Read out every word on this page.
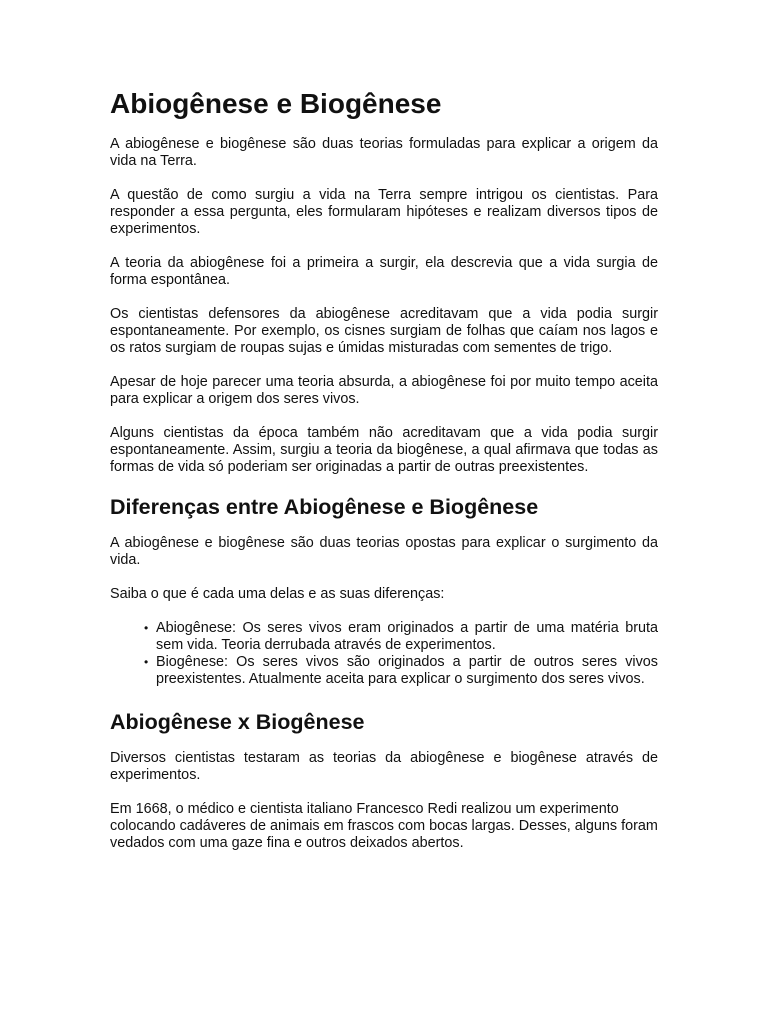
Abiogênese e Biogênese

A abiogênese e biogênese são duas teorias formuladas para explicar a origem da vida na Terra.

A questão de como surgiu a vida na Terra sempre intrigou os cientistas. Para responder a essa pergunta, eles formularam hipóteses e realizam diversos tipos de experimentos.

A teoria da abiogênese foi a primeira a surgir, ela descrevia que a vida surgia de forma espontânea.

Os cientistas defensores da abiogênese acreditavam que a vida podia surgir espontaneamente. Por exemplo, os cisnes surgiam de folhas que caíam nos lagos e os ratos surgiam de roupas sujas e úmidas misturadas com sementes de trigo.

Apesar de hoje parecer uma teoria absurda, a abiogênese foi por muito tempo aceita para explicar a origem dos seres vivos.

Alguns cientistas da época também não acreditavam que a vida podia surgir espontaneamente. Assim, surgiu a teoria da biogênese, a qual afirmava que todas as formas de vida só poderiam ser originadas a partir de outras preexistentes.

Diferenças entre Abiogênese e Biogênese

A abiogênese e biogênese são duas teorias opostas para explicar o surgimento da vida.

Saiba o que é cada uma delas e as suas diferenças:

• Abiogênese: Os seres vivos eram originados a partir de uma matéria bruta sem vida. Teoria derrubada através de experimentos.
• Biogênese: Os seres vivos são originados a partir de outros seres vivos preexistentes. Atualmente aceita para explicar o surgimento dos seres vivos.
Abiogênese x Biogênese

Diversos cientistas testaram as teorias da abiogênese e biogênese através de experimentos.

Em 1668, o médico e cientista italiano Francesco Redi realizou um experimento colocando cadáveres de animais em frascos com bocas largas. Desses, alguns foram vedados com uma gaze fina e outros deixados abertos.
